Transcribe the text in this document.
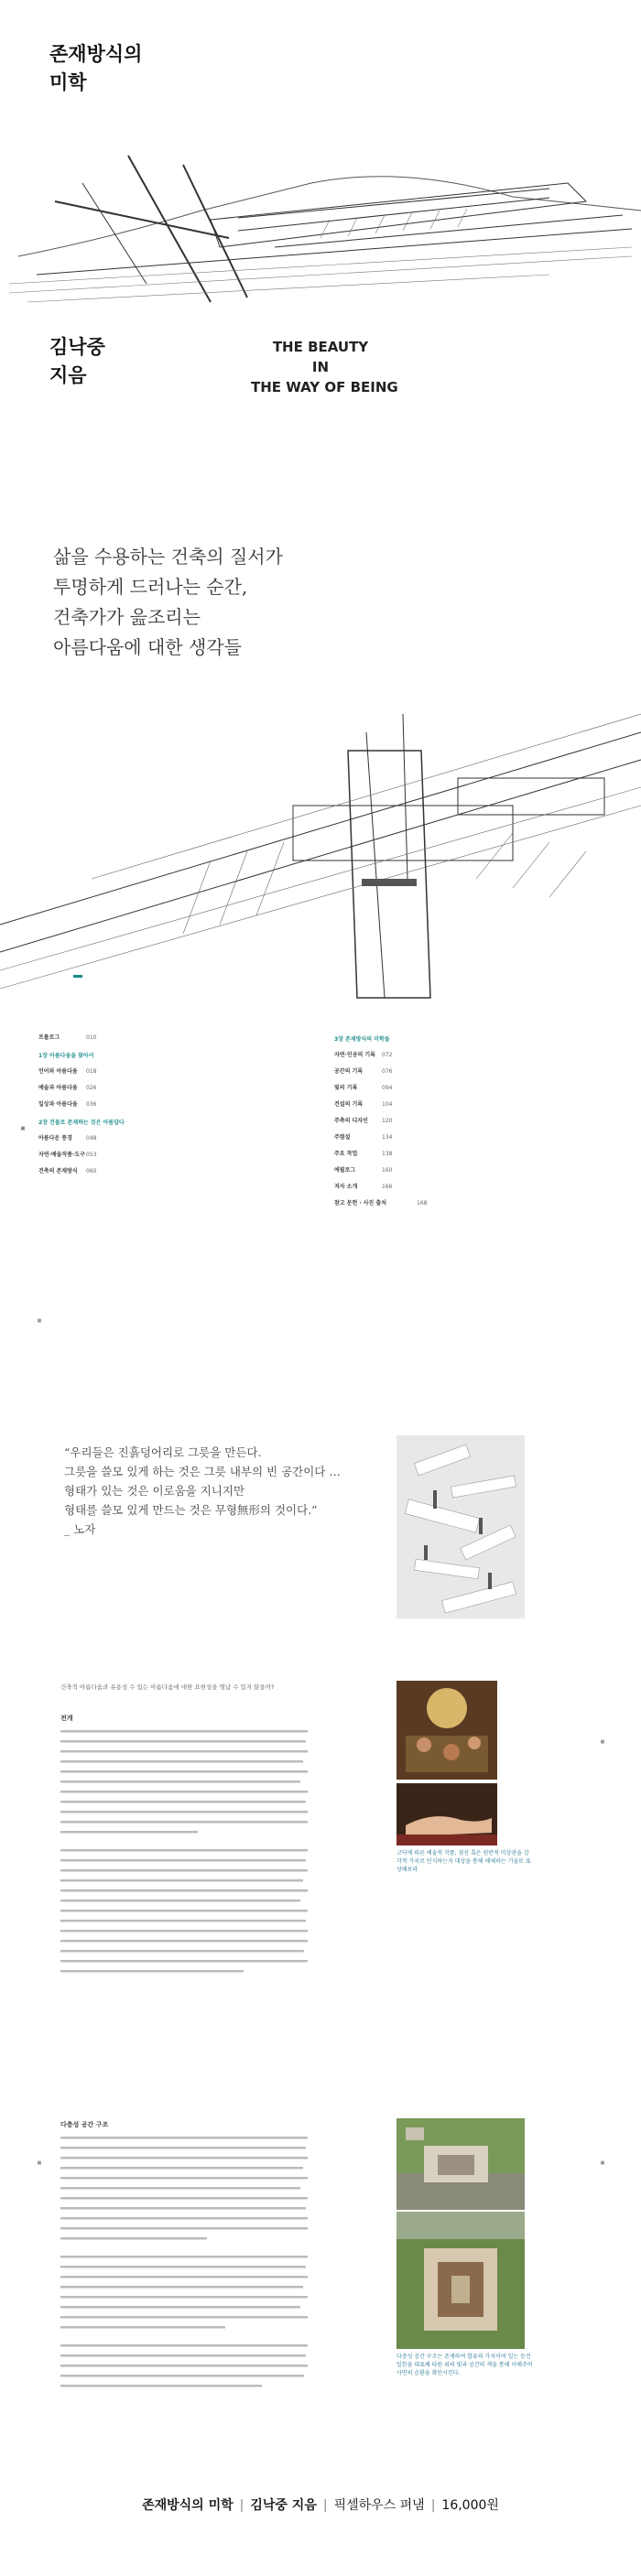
존재방식의
미학
김낙중
지음
THE BEAUTY
IN
THE WAY OF BEING
삶을 수용하는 건축의 질서가
투명하게 드러나는 순간,
건축가가 읊조리는
아름다움에 대한 생각들
■
프롤로그	010
1장 아름다움을 찾아서
언어와 아름다움	018
예술과 아름다움	026
일상과 아름다움	036
2장 건물로 존재하는 것은 아름답다
아름다운 풍경	048
자연·예술작품·도구 053
건축의 존재방식	060
3장 존재방식의 미학들
자연·인공의 기록	072
공간의 기록	076
빛의 기록	094
건설의 기록	104
주축의 디자인	120
주렴설	134
주요 작업	138
에필로그	160
저자 소개	166
참고 문헌 · 사진 출처	168
“우리들은 진흙덩어리로 그릇을 만든다.
그릇을 쓸모 있게 하는 것은 그릇 내부의 빈 공간이다 …
형태가 있는 것은 이로움을 지니지만
형태를 쓸모 있게 만드는 것은 무형無形의 것이다.”
_ 노자
■
건축적 아름다움과 유용성 수 있는 아름다움에 대한 표현성을 명납 수 있지 않을까?
전개
고딕에 따른 예술적 작품, 점선 혹은 원반적 미상관을 감각적 가치로 인식하는지 대상을 통해 해체하는 기술로 표상해보라
■
다층성 공간 구조
■
다층성 공간 구조는 존재하여 합류의 가지이며 일는 등건 일한을 대표해 타원 위의 빛과 공간의 색을 통해 이해주어 사면의 순환을 확인시킨다.
■
존재방식의 미학 | 김낙중 지음 | 픽셀하우스 펴냄 | 16,000원
